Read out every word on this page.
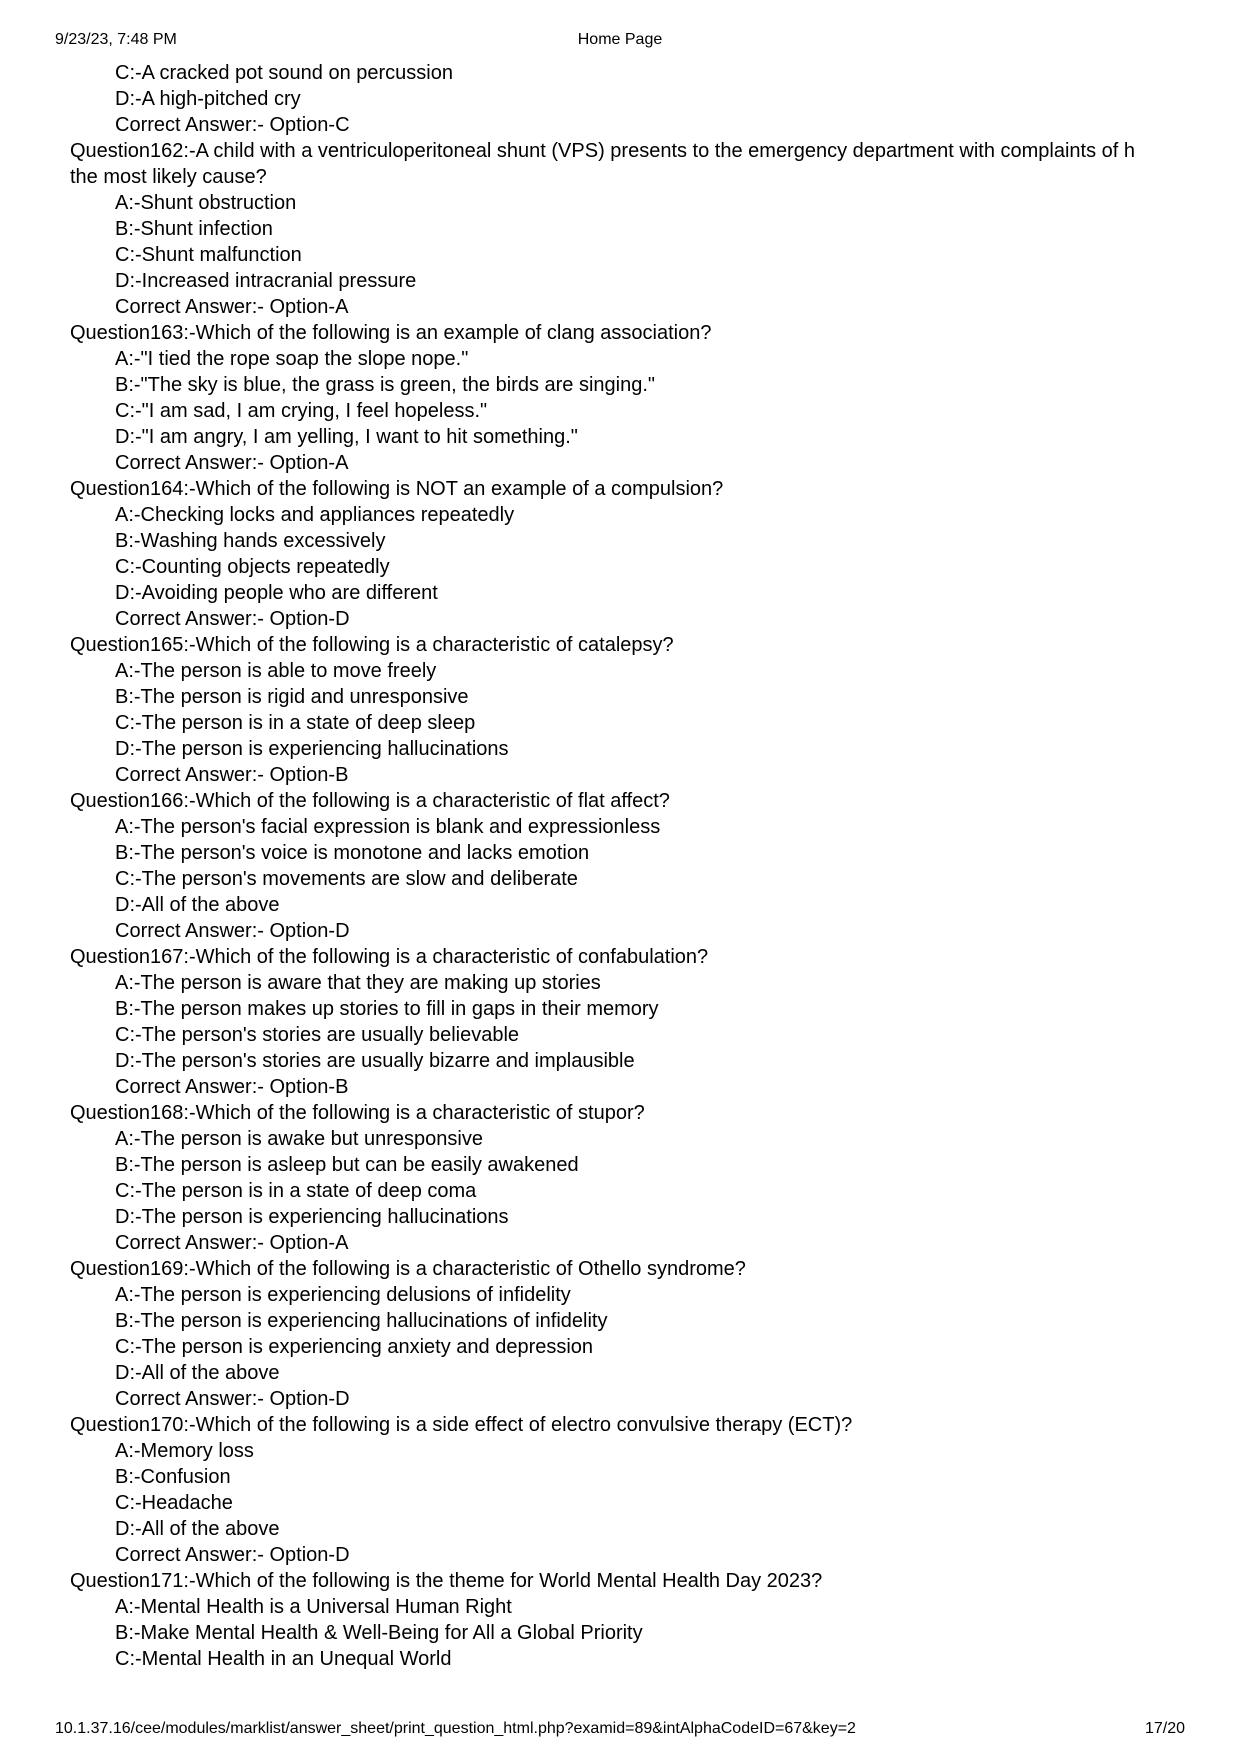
9/23/23, 7:48 PM	Home Page
C:-A cracked pot sound on percussion
D:-A high-pitched cry
Correct Answer:- Option-C
Question162:-A child with a ventriculoperitoneal shunt (VPS) presents to the emergency department with complaints of h
the most likely cause?
A:-Shunt obstruction
B:-Shunt infection
C:-Shunt malfunction
D:-Increased intracranial pressure
Correct Answer:- Option-A
Question163:-Which of the following is an example of clang association?
A:-"I tied the rope soap the slope nope."
B:-"The sky is blue, the grass is green, the birds are singing."
C:-"I am sad, I am crying, I feel hopeless."
D:-"I am angry, I am yelling, I want to hit something."
Correct Answer:- Option-A
Question164:-Which of the following is NOT an example of a compulsion?
A:-Checking locks and appliances repeatedly
B:-Washing hands excessively
C:-Counting objects repeatedly
D:-Avoiding people who are different
Correct Answer:- Option-D
Question165:-Which of the following is a characteristic of catalepsy?
A:-The person is able to move freely
B:-The person is rigid and unresponsive
C:-The person is in a state of deep sleep
D:-The person is experiencing hallucinations
Correct Answer:- Option-B
Question166:-Which of the following is a characteristic of flat affect?
A:-The person's facial expression is blank and expressionless
B:-The person's voice is monotone and lacks emotion
C:-The person's movements are slow and deliberate
D:-All of the above
Correct Answer:- Option-D
Question167:-Which of the following is a characteristic of confabulation?
A:-The person is aware that they are making up stories
B:-The person makes up stories to fill in gaps in their memory
C:-The person's stories are usually believable
D:-The person's stories are usually bizarre and implausible
Correct Answer:- Option-B
Question168:-Which of the following is a characteristic of stupor?
A:-The person is awake but unresponsive
B:-The person is asleep but can be easily awakened
C:-The person is in a state of deep coma
D:-The person is experiencing hallucinations
Correct Answer:- Option-A
Question169:-Which of the following is a characteristic of Othello syndrome?
A:-The person is experiencing delusions of infidelity
B:-The person is experiencing hallucinations of infidelity
C:-The person is experiencing anxiety and depression
D:-All of the above
Correct Answer:- Option-D
Question170:-Which of the following is a side effect of electro convulsive therapy (ECT)?
A:-Memory loss
B:-Confusion
C:-Headache
D:-All of the above
Correct Answer:- Option-D
Question171:-Which of the following is the theme for World Mental Health Day 2023?
A:-Mental Health is a Universal Human Right
B:-Make Mental Health & Well-Being for All a Global Priority
C:-Mental Health in an Unequal World
10.1.37.16/cee/modules/marklist/answer_sheet/print_question_html.php?examid=89&intAlphaCodeID=67&key=2	17/20
